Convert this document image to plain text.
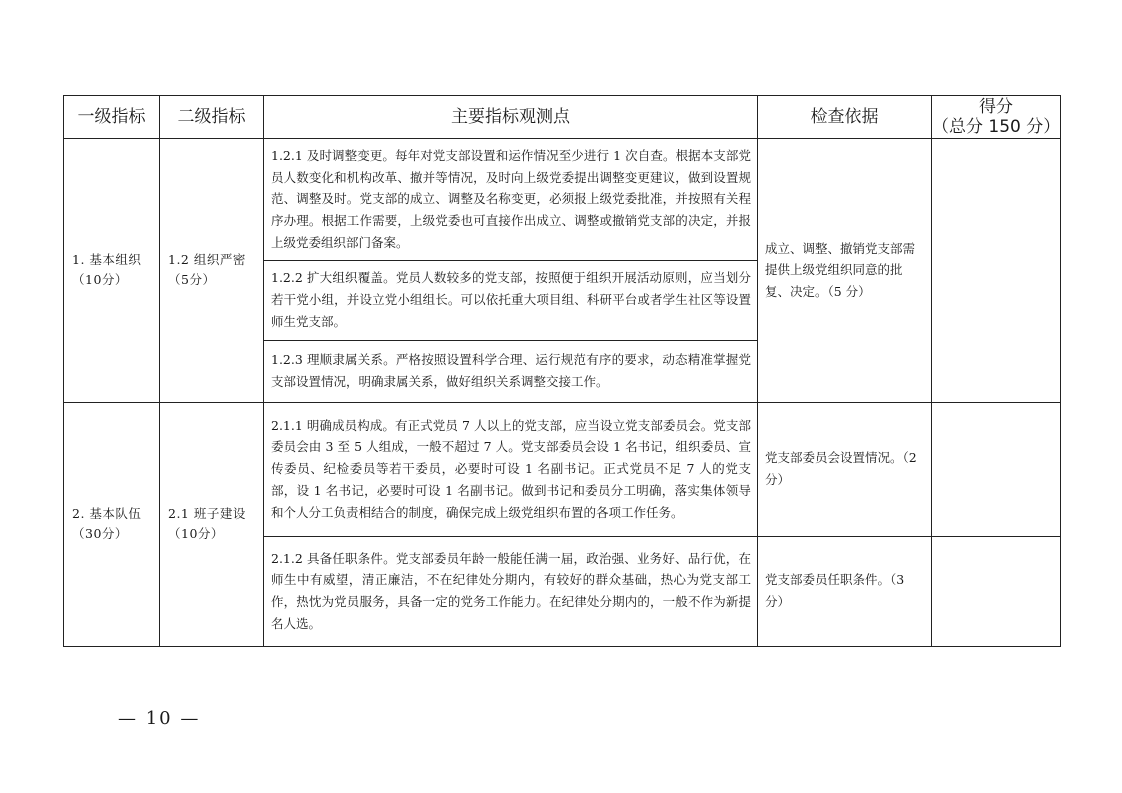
一级指标	二级指标	主要指标观测点	检查依据	得分
（总分 150 分）

1. 基本组织（10分）	1.2 组织严密（5分）	1.2.1 及时调整变更。每年对党支部设置和运作情况至少进行 1 次自查。根据本支部党员人数变化和机构改革、撤并等情况，及时向上级党委提出调整变更建议，做到设置规范、调整及时。党支部的成立、调整及名称变更，必须报上级党委批准，并按照有关程序办理。根据工作需要，上级党委也可直接作出成立、调整或撤销党支部的决定，并报上级党委组织部门备案。	成立、调整、撤销党支部需提供上级党组织同意的批复、决定。（5 分）	
		1.2.2 扩大组织覆盖。党员人数较多的党支部，按照便于组织开展活动原则，应当划分若干党小组，并设立党小组组长。可以依托重大项目组、科研平台或者学生社区等设置师生党支部。		
		1.2.3 理顺隶属关系。严格按照设置科学合理、运行规范有序的要求，动态精准掌握党支部设置情况，明确隶属关系，做好组织关系调整交接工作。		
2. 基本队伍（30分）	2.1 班子建设（10分）	2.1.1 明确成员构成。有正式党员 7 人以上的党支部，应当设立党支部委员会。党支部委员会由 3 至 5 人组成，一般不超过 7 人。党支部委员会设 1 名书记，组织委员、宣传委员、纪检委员等若干委员，必要时可设 1 名副书记。正式党员不足 7 人的党支部，设 1 名书记，必要时可设 1 名副书记。做到书记和委员分工明确，落实集体领导和个人分工负责相结合的制度，确保完成上级党组织布置的各项工作任务。	党支部委员会设置情况。（2 分）	
		2.1.2 具备任职条件。党支部委员年龄一般能任满一届，政治强、业务好、品行优，在师生中有威望，清正廉洁，不在纪律处分期内，有较好的群众基础，热心为党支部工作，热忱为党员服务，具备一定的党务工作能力。在纪律处分期内的，一般不作为新提名人选。	党支部委员任职条件。（3 分）	
— 10 —
